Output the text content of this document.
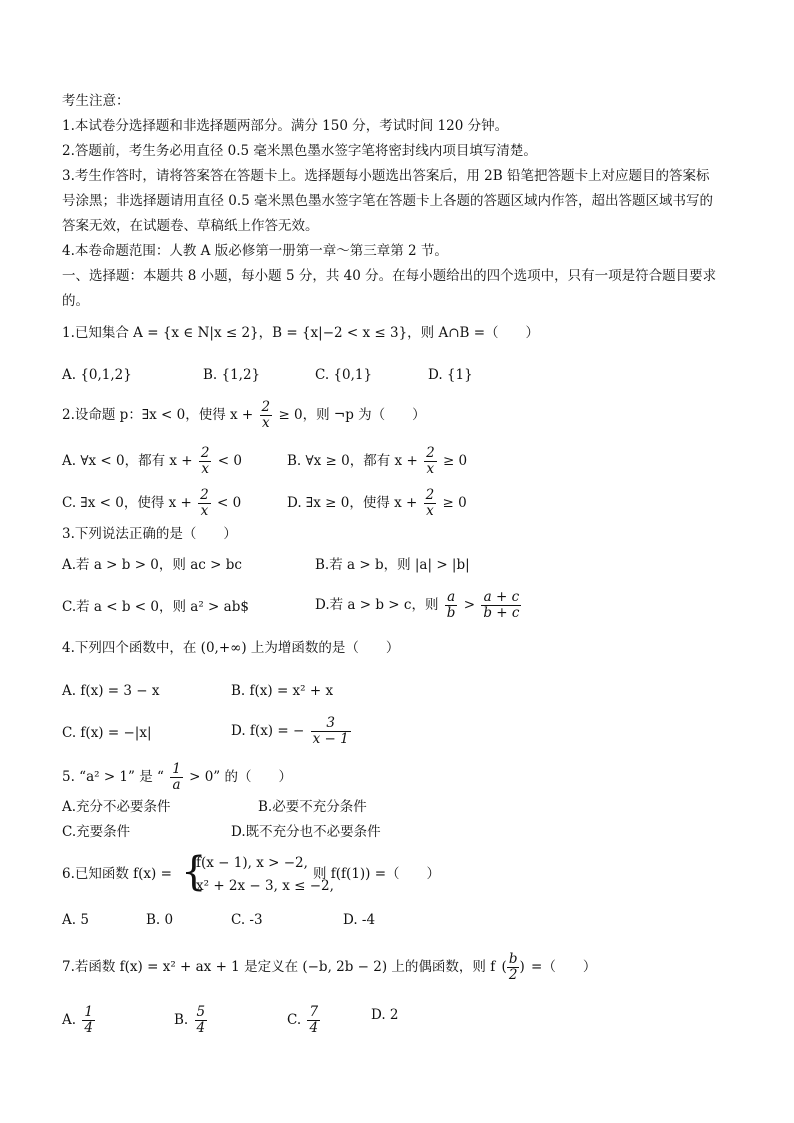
考生注意：
1.本试卷分选择题和非选择题两部分。满分 150 分，考试时间 120 分钟。
2.答题前，考生务必用直径 0.5 毫米黑色墨水签字笔将密封线内项目填写清楚。
3.考生作答时，请将答案答在答题卡上。选择题每小题选出答案后，用 2B 铅笔把答题卡上对应题目的答案标
号涂黑；非选择题请用直径 0.5 毫米黑色墨水签字笔在答题卡上各题的答题区域内作答，超出答题区域书写的
答案无效，在试题卷、草稿纸上作答无效。
4.本卷命题范围：人教 A 版必修第一册第一章～第三章第 2 节。
一、选择题：本题共 8 小题，每小题 5 分，共 40 分。在每小题给出的四个选项中，只有一项是符合题目要求
的。
1.已知集合 A = {x ∈ N|x ≤ 2}，B = {x|−2 < x ≤ 3}，则 A∩B =（　　）
A. {0,1,2}	B. {1,2}	C. {0,1}	D. {1}
2.设命题 p：∃x < 0，使得 $x + \frac{2}{x} \ge 0$，则 ¬p 为（　　）
A. ∀x < 0，都有 $x + \frac{2}{x} < 0$	B. ∀x ≥ 0，都有 $x + \frac{2}{x} \ge 0$
C. ∃x < 0，使得 $x + \frac{2}{x} < 0$	D. ∃x ≥ 0，使得 $x + \frac{2}{x} \ge 0$
3.下列说法正确的是（　　）
A.若 a > b > 0，则 ac > bc	B.若 a > b，则 |a| > |b|
C.若 a < b < 0，则 a² > ab$	D.若 a > b > c，则 $\frac{a}{b} > \frac{a + c}{b + c}$
4.下列四个函数中，在 (0,+∞) 上为增函数的是（　　）
A. f(x) = 3 − x	B. f(x) = x² + x
C. f(x) = −|x|	D. f(x) = − $\frac{3}{x - 1}$
5. “a² > 1” 是 “ $\frac{1}{a} > 0$” 的（　　）
A.充分不必要条件	B.必要不充分条件
C.充要条件	D.既不充分也不必要条件
6.已知函数 f(x) = {
f(x − 1), x > −2,
x² + 2x − 3, x ≤ −2,
则 f(f(1)) =（　　）
A. 5	B. 0	C. -3	D. -4
7.若函数 f(x) = x² + ax + 1 是定义在 (−b, 2b − 2) 上的偶函数，则 f ( $\frac{b}{2}$ ) =（　　）
A. $\frac{1}{4}$	B. $\frac{5}{4}$	C. $\frac{7}{4}$	D. 2
